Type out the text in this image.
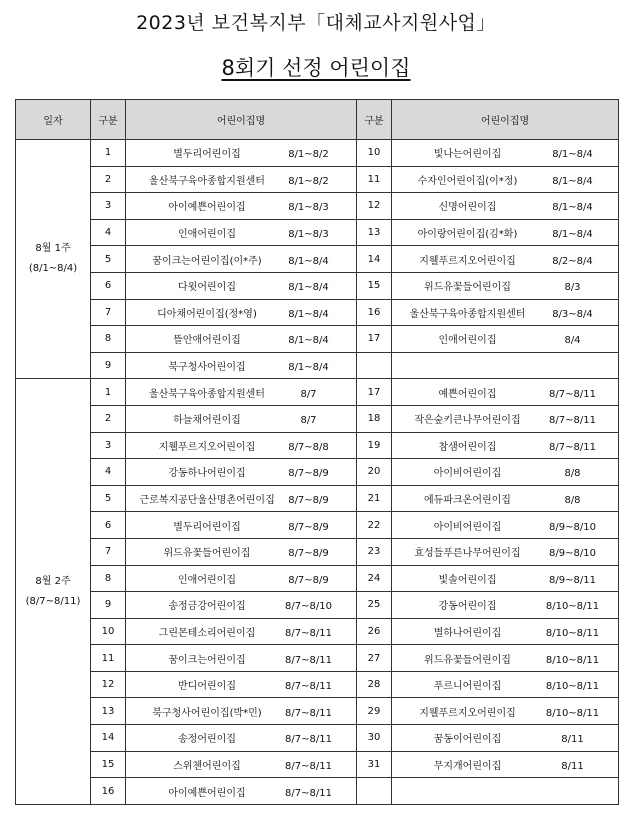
2023년 보건복지부「대체교사지원사업」
8회기 선정 어린이집
일자	구분	어린이집명	구분	어린이집명

8월 1주
(8/1~8/4)	1	별두리어린이집 8/1~8/2	10	빛나는어린이집 8/1~8/4
	2	울산북구육아종합지원센터 8/1~8/2	11	수자인어린이집(이*정) 8/1~8/4
	3	아이예쁜어린이집 8/1~8/3	12	신명어린이집 8/1~8/4
	4	인애어린이집 8/1~8/3	13	아이랑어린이집(김*화) 8/1~8/4
	5	꿈이크는어린이집(이*주) 8/1~8/4	14	지웰푸르지오어린이집 8/2~8/4
	6	다윗어린이집 8/1~8/4	15	위드유꽃들어린이집 8/3
	7	디아채어린이집(정*영) 8/1~8/4	16	울산북구육아종합지원센터 8/3~8/4
	8	뜰안애어린이집 8/1~8/4	17	인애어린이집 8/4
	9	북구청사어린이집 8/1~8/4		

8월 2주
(8/7~8/11)	1	울산북구육아종합지원센터 8/7	17	예쁜어린이집 8/7~8/11
	2	하늘채어린이집 8/7	18	작은숲키큰나무어린이집 8/7~8/11
	3	지웰푸르지오어린이집 8/7~8/8	19	참샘어린이집 8/7~8/11
	4	강동하나어린이집 8/7~8/9	20	아이비어린이집 8/8
	5	근로복지공단울산명촌어린이집 8/7~8/9	21	에듀파크온어린이집 8/8
	6	별두리어린이집 8/7~8/9	22	아이비어린이집 8/9~8/10
	7	위드유꽃들어린이집 8/7~8/9	23	효성들푸른나무어린이집 8/9~8/10
	8	인애어린이집 8/7~8/9	24	빛솔어린이집 8/9~8/11
	9	송정금강어린이집 8/7~8/10	25	강동어린이집 8/10~8/11
	10	그린몬테소리어린이집 8/7~8/11	26	별하나어린이집 8/10~8/11
	11	꿈이크는어린이집 8/7~8/11	27	위드유꽃들어린이집 8/10~8/11
	12	반디어린이집 8/7~8/11	28	푸르니어린이집 8/10~8/11
	13	북구청사어린이집(박*민) 8/7~8/11	29	지웰푸르지오어린이집 8/10~8/11
	14	송정어린이집 8/7~8/11	30	꿈동이어린이집 8/11
	15	스위첸어린이집 8/7~8/11	31	무지개어린이집 8/11
	16	아이예쁜어린이집 8/7~8/11		
